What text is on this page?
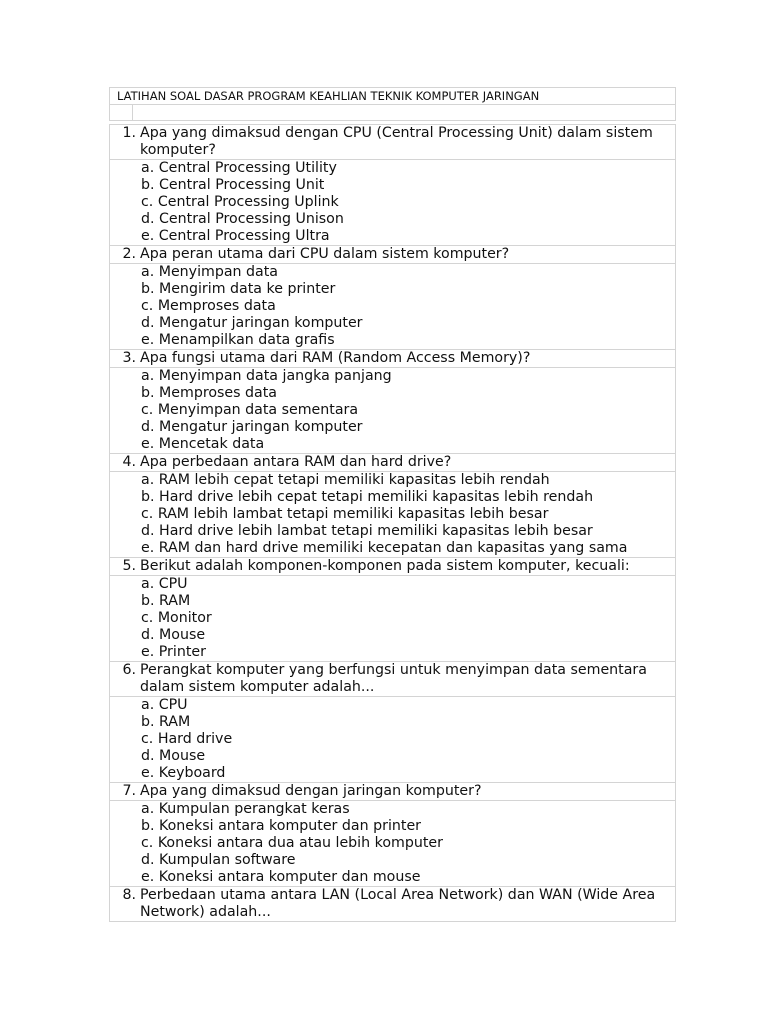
LATIHAN SOAL DASAR PROGRAM KEAHLIAN TEKNIK KOMPUTER JARINGAN
1. Apa yang dimaksud dengan CPU (Central Processing Unit) dalam sistem komputer?
a. Central Processing Utility
b. Central Processing Unit
c. Central Processing Uplink
d. Central Processing Unison
e. Central Processing Ultra
2. Apa peran utama dari CPU dalam sistem komputer?
a. Menyimpan data
b. Mengirim data ke printer
c. Memproses data
d. Mengatur jaringan komputer
e. Menampilkan data grafis
3. Apa fungsi utama dari RAM (Random Access Memory)?
a. Menyimpan data jangka panjang
b. Memproses data
c. Menyimpan data sementara
d. Mengatur jaringan komputer
e. Mencetak data
4. Apa perbedaan antara RAM dan hard drive?
a. RAM lebih cepat tetapi memiliki kapasitas lebih rendah
b. Hard drive lebih cepat tetapi memiliki kapasitas lebih rendah
c. RAM lebih lambat tetapi memiliki kapasitas lebih besar
d. Hard drive lebih lambat tetapi memiliki kapasitas lebih besar
e. RAM dan hard drive memiliki kecepatan dan kapasitas yang sama
5. Berikut adalah komponen-komponen pada sistem komputer, kecuali:
a. CPU
b. RAM
c. Monitor
d. Mouse
e. Printer
6. Perangkat komputer yang berfungsi untuk menyimpan data sementara dalam sistem komputer adalah...
a. CPU
b. RAM
c. Hard drive
d. Mouse
e. Keyboard
7. Apa yang dimaksud dengan jaringan komputer?
a. Kumpulan perangkat keras
b. Koneksi antara komputer dan printer
c. Koneksi antara dua atau lebih komputer
d. Kumpulan software
e. Koneksi antara komputer dan mouse
8. Perbedaan utama antara LAN (Local Area Network) dan WAN (Wide Area Network) adalah...
